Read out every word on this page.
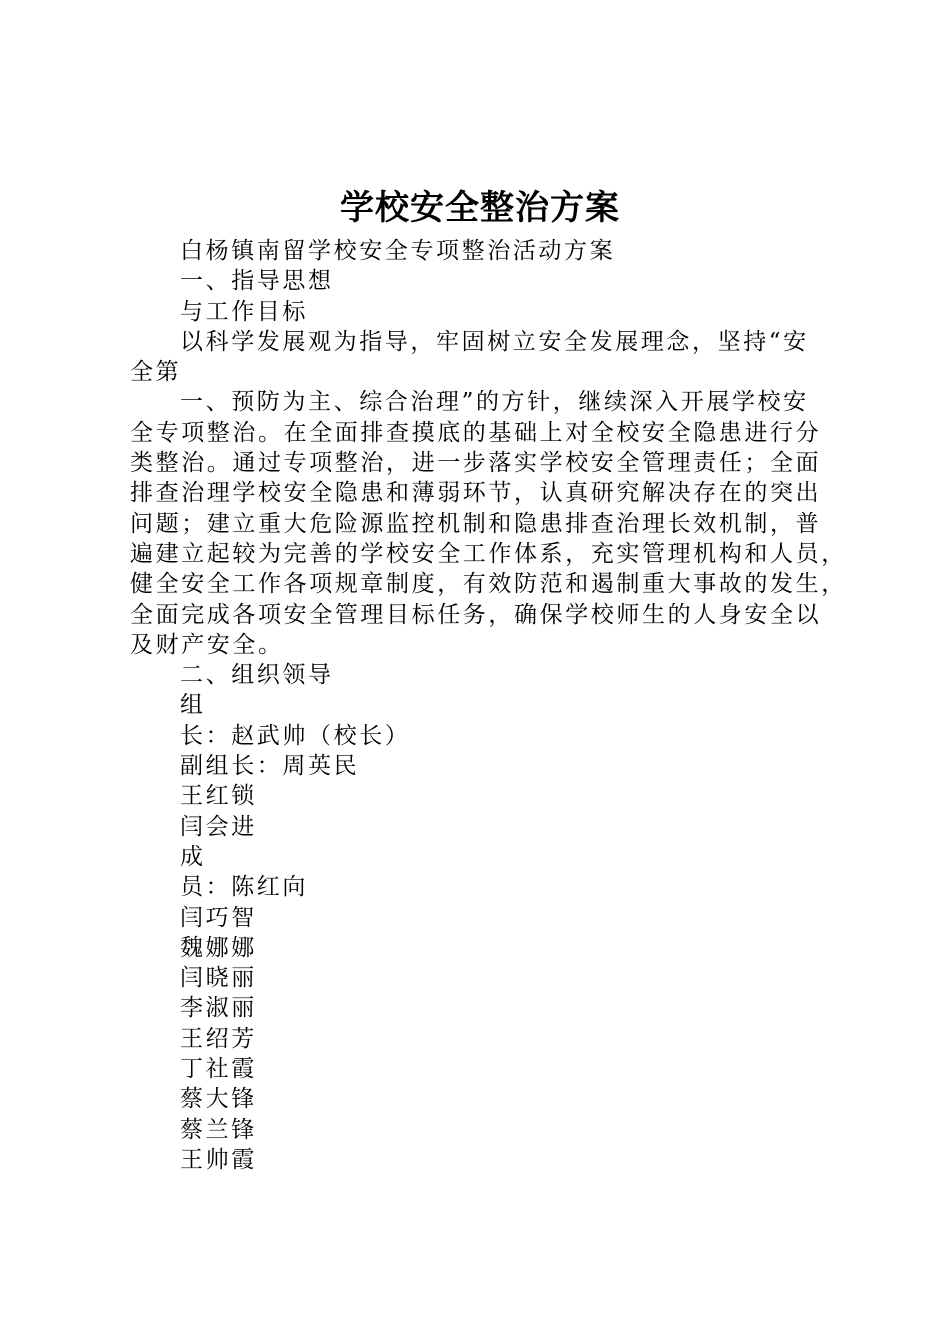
学校安全整治方案

白杨镇南留学校安全专项整治活动方案

一、指导思想

与工作目标

以科学发展观为指导，牢固树立安全发展理念，坚持“安

全第

一、预防为主、综合治理”的方针，继续深入开展学校安

全专项整治。在全面排查摸底的基础上对全校安全隐患进行分

类整治。通过专项整治，进一步落实学校安全管理责任；全面

排查治理学校安全隐患和薄弱环节，认真研究解决存在的突出

问题；建立重大危险源监控机制和隐患排查治理长效机制，普

遍建立起较为完善的学校安全工作体系，充实管理机构和人员，

健全安全工作各项规章制度，有效防范和遏制重大事故的发生，

全面完成各项安全管理目标任务，确保学校师生的人身安全以

及财产安全。

二、组织领导

组

长：赵武帅（校长）

副组长：周英民

王红锁

闫会进

成

员：陈红向

闫巧智

魏娜娜

闫晓丽

李淑丽

王绍芳

丁社霞

蔡大锋

蔡兰锋

王帅霞
